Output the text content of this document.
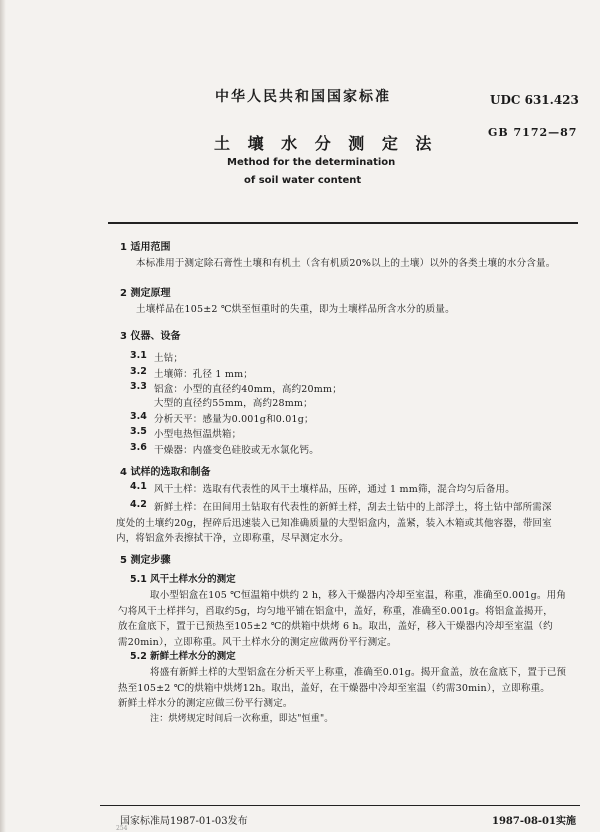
中华人民共和国国家标准	UDC 631.423
土 壤 水 分 测 定 法
GB 7172—87
Method for the determination
of soil water content
1 适用范围
本标准用于测定除石膏性土壤和有机土（含有机质20%以上的土壤）以外的各类土壤的水分含量。
2 测定原理
土壤样品在105±2 ℃烘至恒重时的失重，即为土壤样品所含水分的质量。
3 仪器、设备
3.1 土钻；
3.2 土壤筛：孔径 1 mm；
3.3 铝盒：小型的直径约40mm，高约20mm；
大型的直径约55mm，高约28mm；
3.4 分析天平：感量为0.001g和0.01g；
3.5 小型电热恒温烘箱；
3.6 干燥器：内盛变色硅胶或无水氯化钙。
4 试样的选取和制备
4.1 风干土样：选取有代表性的风干土壤样品，压碎，通过 1 mm筛，混合均匀后备用。
4.2 新鲜土样：在田间用土钻取有代表性的新鲜土样，刮去土钻中的上部浮土，将土钻中部所需深
度处的土壤约20g，捏碎后迅速装入已知准确质量的大型铝盒内，盖紧，装入木箱或其他容器，带回室
内，将铝盒外表擦拭干净，立即称重，尽早测定水分。
5 测定步骤
5.1 风干土样水分的测定
取小型铝盒在105 ℃恒温箱中烘约 2 h，移入干燥器内冷却至室温，称重，准确至0.001g。用角
勺将风干土样拌匀，舀取约5g，均匀地平铺在铝盒中，盖好，称重，准确至0.001g。将铝盒盖揭开，
放在盒底下，置于已预热至105±2 ℃的烘箱中烘烤 6 h。取出，盖好，移入干燥器内冷却至室温（约
需20min），立即称重。风干土样水分的测定应做两份平行测定。
5.2 新鲜土样水分的测定
将盛有新鲜土样的大型铝盒在分析天平上称重，准确至0.01g。揭开盒盖，放在盒底下，置于已预
热至105±2 ℃的烘箱中烘烤12h。取出，盖好，在干燥器中冷却至室温（约需30min），立即称重。
新鲜土样水分的测定应做三份平行测定。
注：烘烤规定时间后一次称重，即达"恒重"。
国家标准局1987-01-03发布	1987-08-01实施
254
